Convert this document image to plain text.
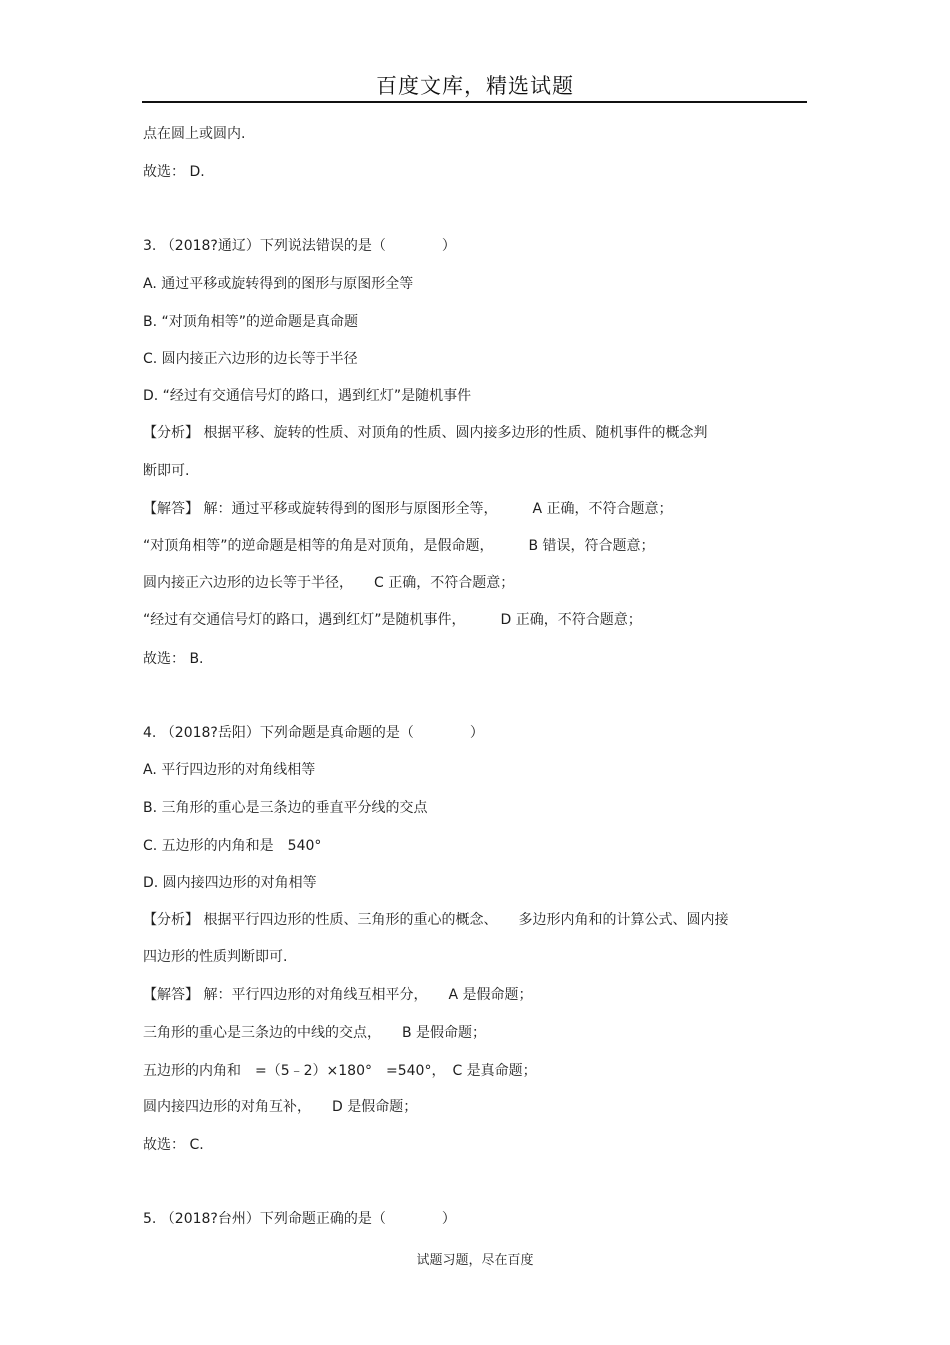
百度文库，精选试题
点在圆上或圆内.
故选： D.
3. （2018?通辽）下列说法错误的是（　　　　）
A. 通过平移或旋转得到的图形与原图形全等
B. “对顶角相等”的逆命题是真命题
C. 圆内接正六边形的边长等于半径
D. “经过有交通信号灯的路口，遇到红灯”是随机事件
【分析】 根据平移、旋转的性质、对顶角的性质、圆内接多边形的性质、随机事件的概念判
断即可.
【解答】 解：通过平移或旋转得到的图形与原图形全等，　　　A 正确，不符合题意；
“对顶角相等”的逆命题是相等的角是对顶角，是假命题，　　　B 错误，符合题意；
圆内接正六边形的边长等于半径，　　C 正确，不符合题意；
“经过有交通信号灯的路口，遇到红灯”是随机事件，　　　D 正确，不符合题意；
故选： B.
4. （2018?岳阳）下列命题是真命题的是（　　　　）
A. 平行四边形的对角线相等
B. 三角形的重心是三条边的垂直平分线的交点
C. 五边形的内角和是　540°
D. 圆内接四边形的对角相等
【分析】 根据平行四边形的性质、三角形的重心的概念、　　多边形内角和的计算公式、圆内接
四边形的性质判断即可.
【解答】 解：平行四边形的对角线互相平分，　　A 是假命题；
三角形的重心是三条边的中线的交点，　　B 是假命题；
五边形的内角和　=（5﹣2）×180°　=540°，　C 是真命题；
圆内接四边形的对角互补，　　D 是假命题；
故选： C.
5. （2018?台州）下列命题正确的是（　　　　）
试题习题，尽在百度
